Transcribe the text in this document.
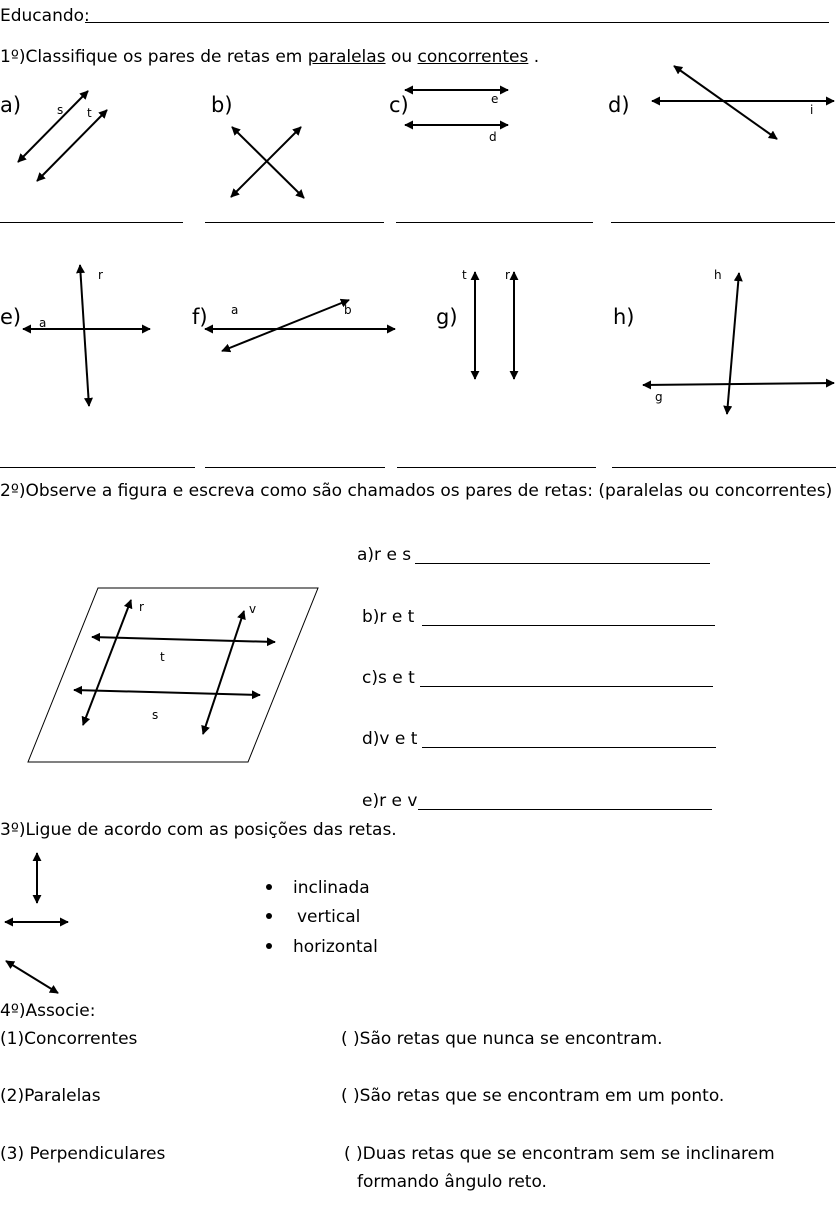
Educando:
1º)Classifique os pares de retas em paralelas ou concorrentes .
a)	b)	c)	d)
s t
e
d
i
e)	f)	g)	h)
r
a
a	b
t	r	h
g
2º)Observe a figura e escreva como são chamados os pares de retas: (paralelas ou concorrentes)
r	v
t
s
a)r e s
b)r e t
c)s e t
d)v e t
e)r e v
3º)Ligue de acordo com as posições das retas.
inclinada
vertical
horizontal
4º)Associe:
(1)Concorrentes
(2)Paralelas
(3) Perpendiculares
( )São retas que nunca se encontram.
( )São retas que se encontram em um ponto.
( )Duas retas que se encontram sem se inclinarem
formando ângulo reto.
